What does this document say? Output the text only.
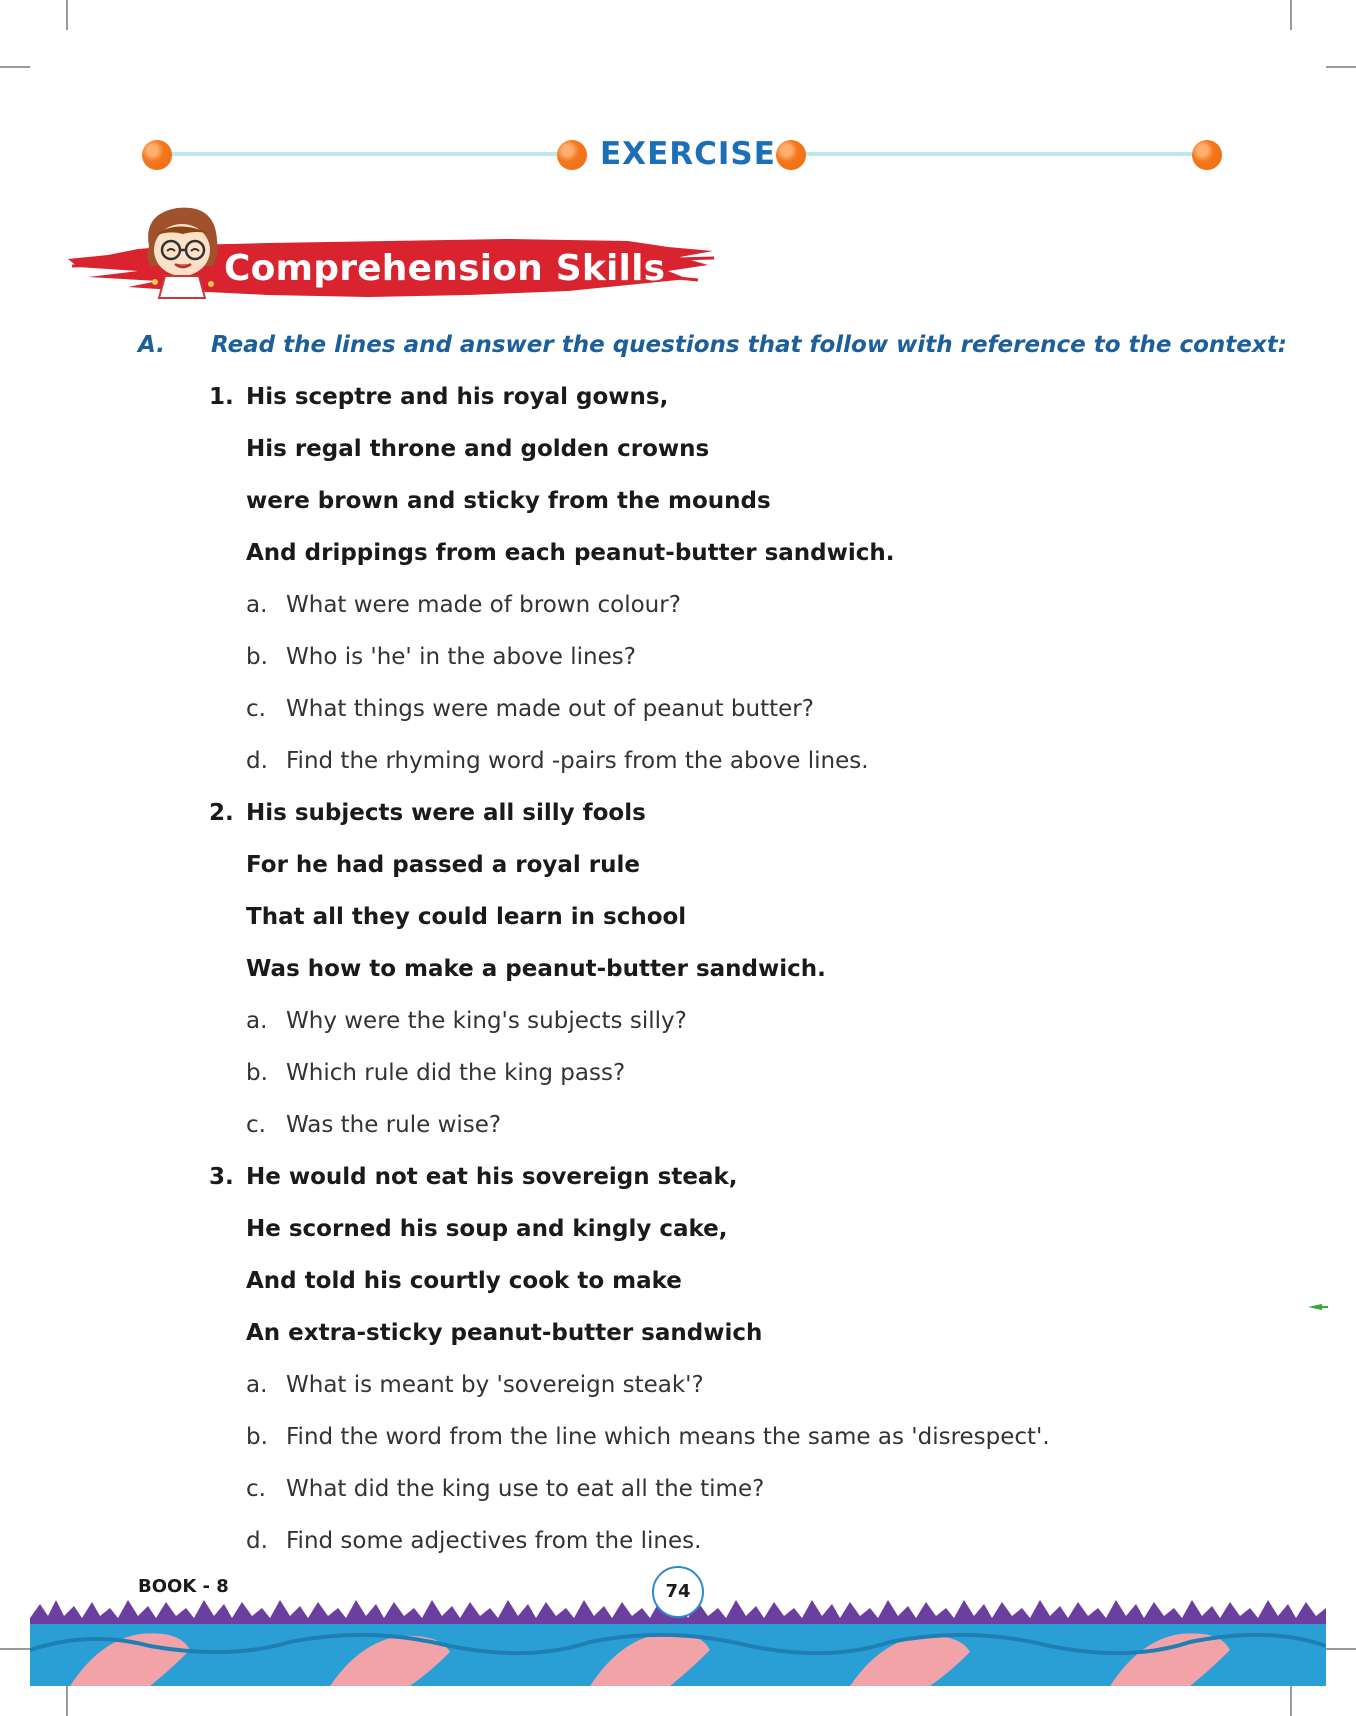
EXERCISE
Comprehension Skills
A. Read the lines and answer the questions that follow with reference to the context:
1. His sceptre and his royal gowns,
His regal throne and golden crowns
were brown and sticky from the mounds
And drippings from each peanut-butter sandwich.
a. What were made of brown colour?
b. Who is 'he' in the above lines?
c. What things were made out of peanut butter?
d. Find the rhyming word -pairs from the above lines.
2. His subjects were all silly fools
For he had passed a royal rule
That all they could learn in school
Was how to make a peanut-butter sandwich.
a. Why were the king's subjects silly?
b. Which rule did the king pass?
c. Was the rule wise?
3. He would not eat his sovereign steak,
He scorned his soup and kingly cake,
And told his courtly cook to make
An extra-sticky peanut-butter sandwich
a. What is meant by 'sovereign steak'?
b. Find the word from the line which means the same as 'disrespect'.
c. What did the king use to eat all the time?
d. Find some adjectives from the lines.
BOOK - 8	74
